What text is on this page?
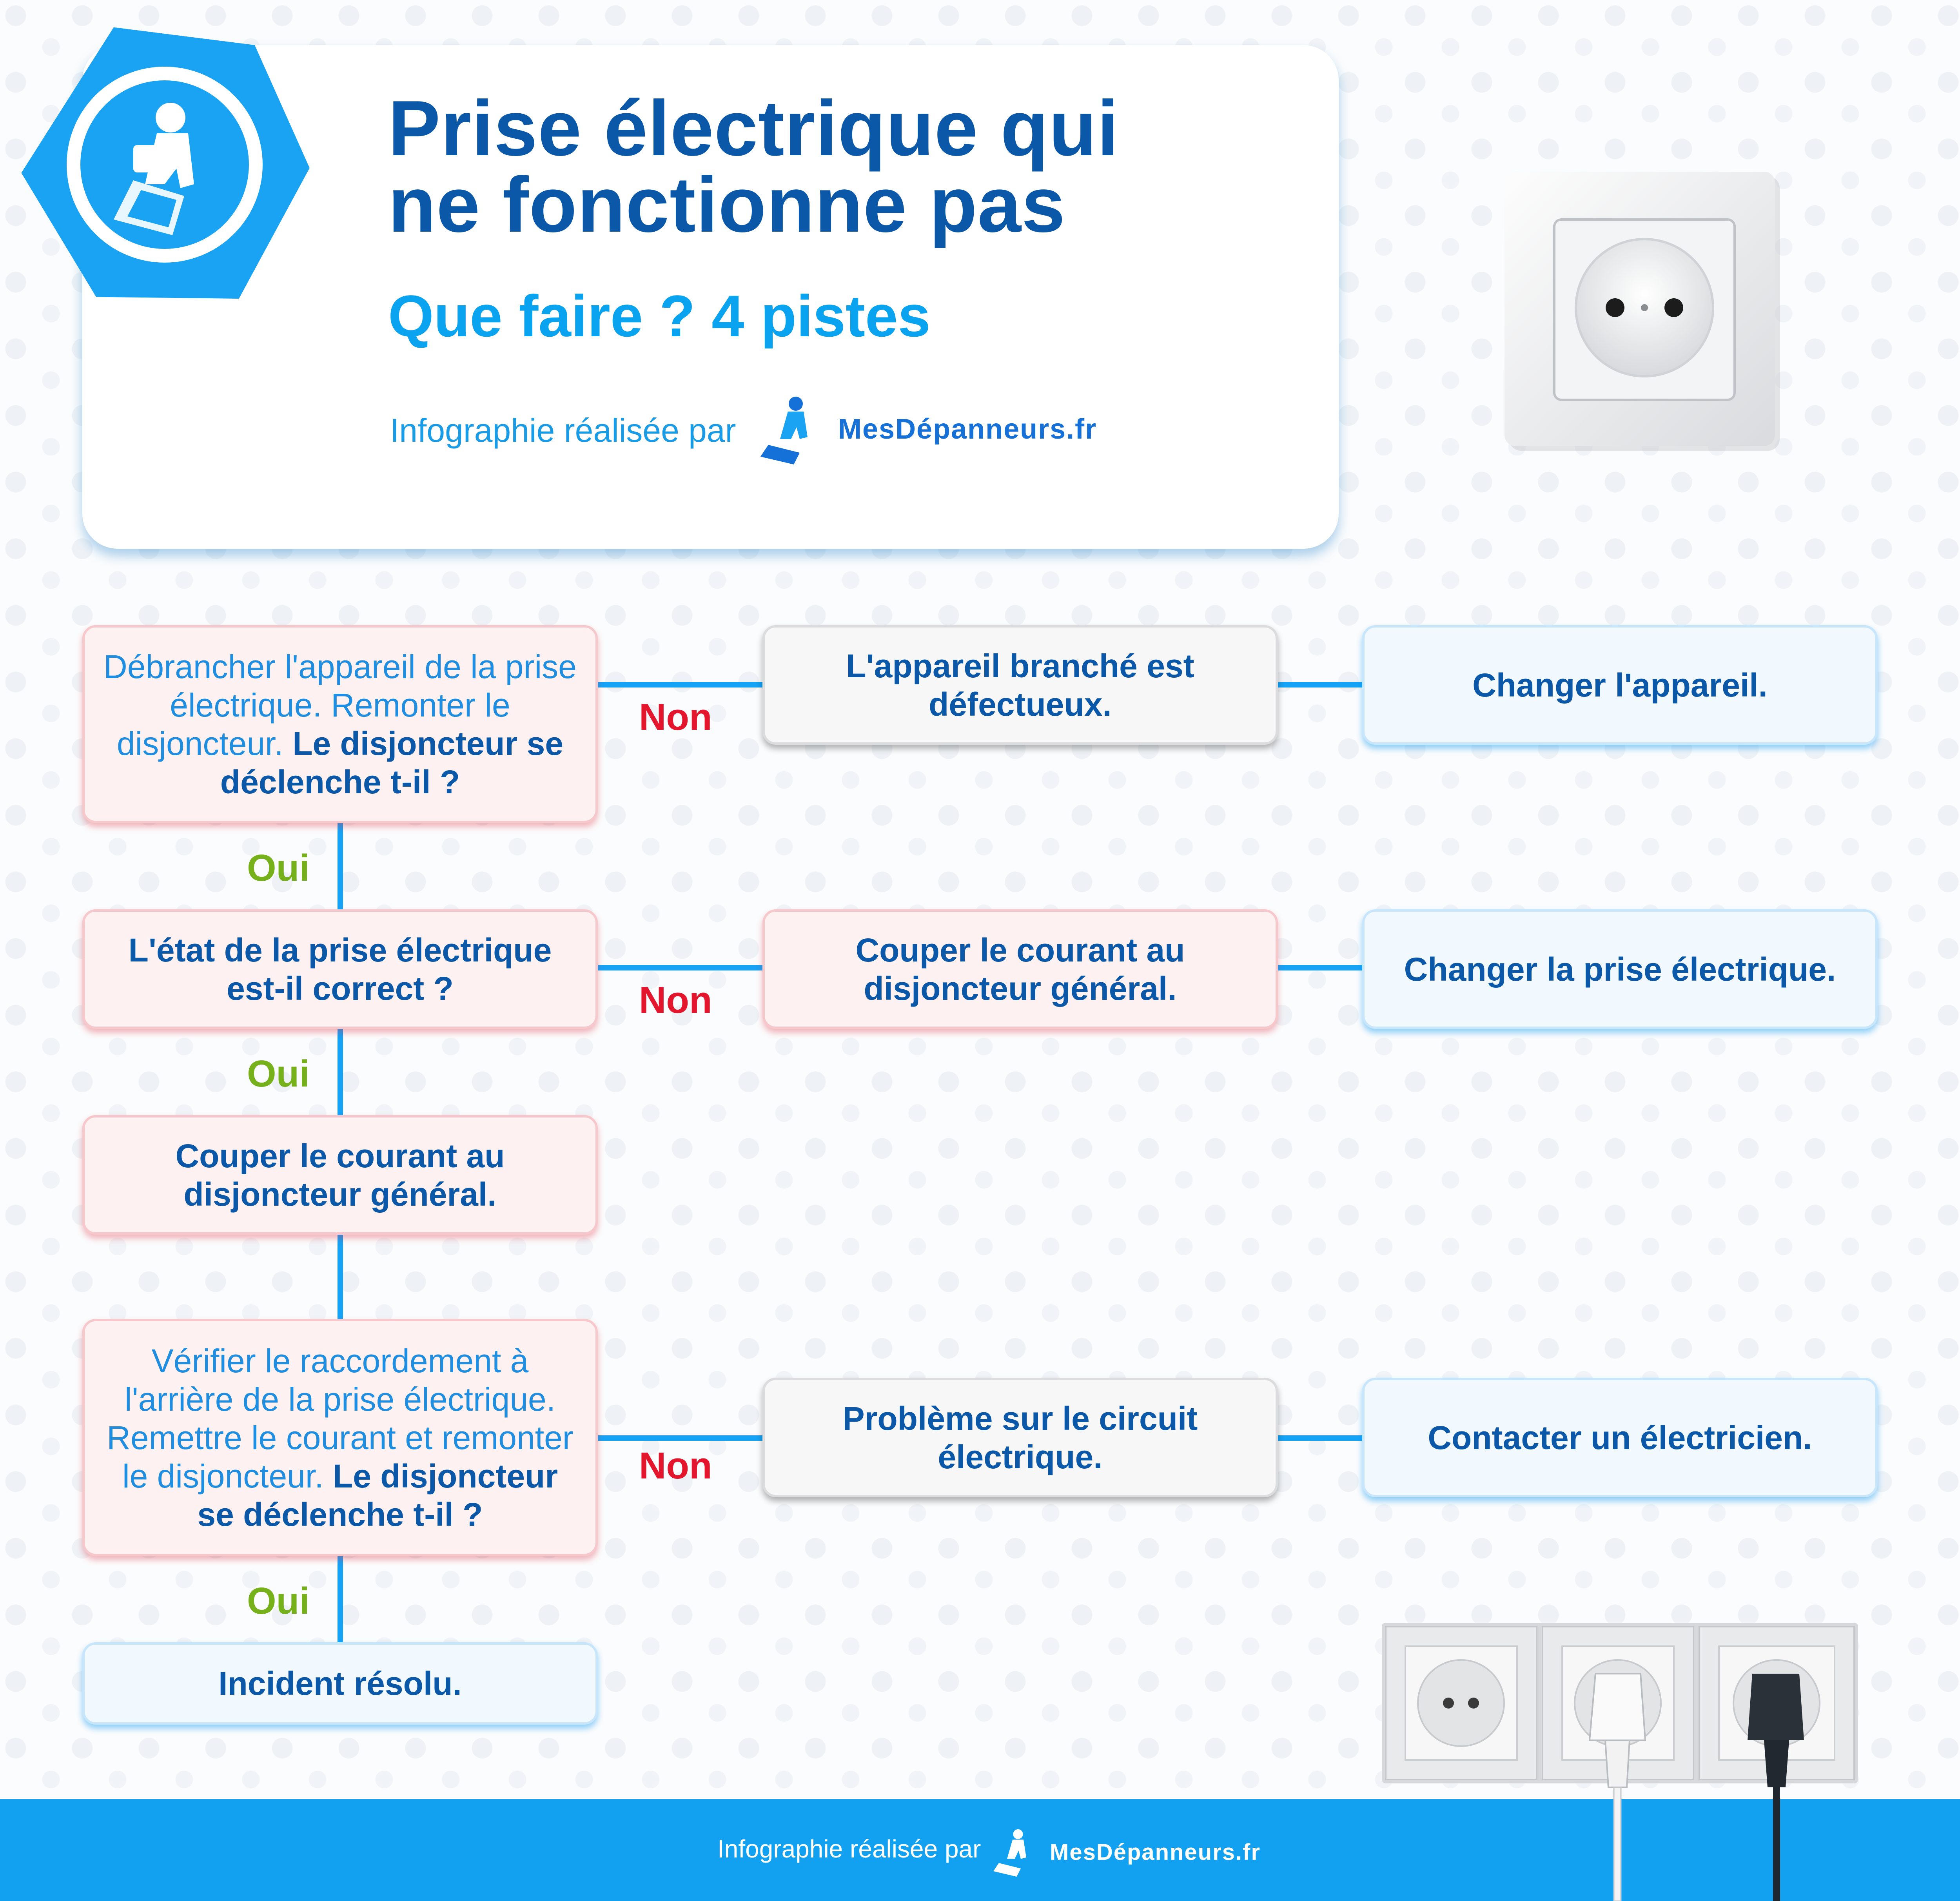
Prise électrique qui
ne fonctionne pas
Que faire ? 4 pistes
Infographie réalisée par	MesDépanneurs.fr
Non
Non
Non
Oui
Oui
Oui
Débrancher l'appareil de la prise électrique. Remonter le disjoncteur. Le disjoncteur se déclenche t-il ?
L'état de la prise électrique est-il correct ?
Couper le courant au disjoncteur général.
Vérifier le raccordement à l'arrière de la prise électrique. Remettre le courant et remonter le disjoncteur. Le disjoncteur se déclenche t-il ?
Incident résolu.
L'appareil branché est défectueux.
Changer l'appareil.
Couper le courant au disjoncteur général.
Changer la prise électrique.
Problème sur le circuit électrique.
Contacter un électricien.
Infographie réalisée par	MesDépanneurs.fr
